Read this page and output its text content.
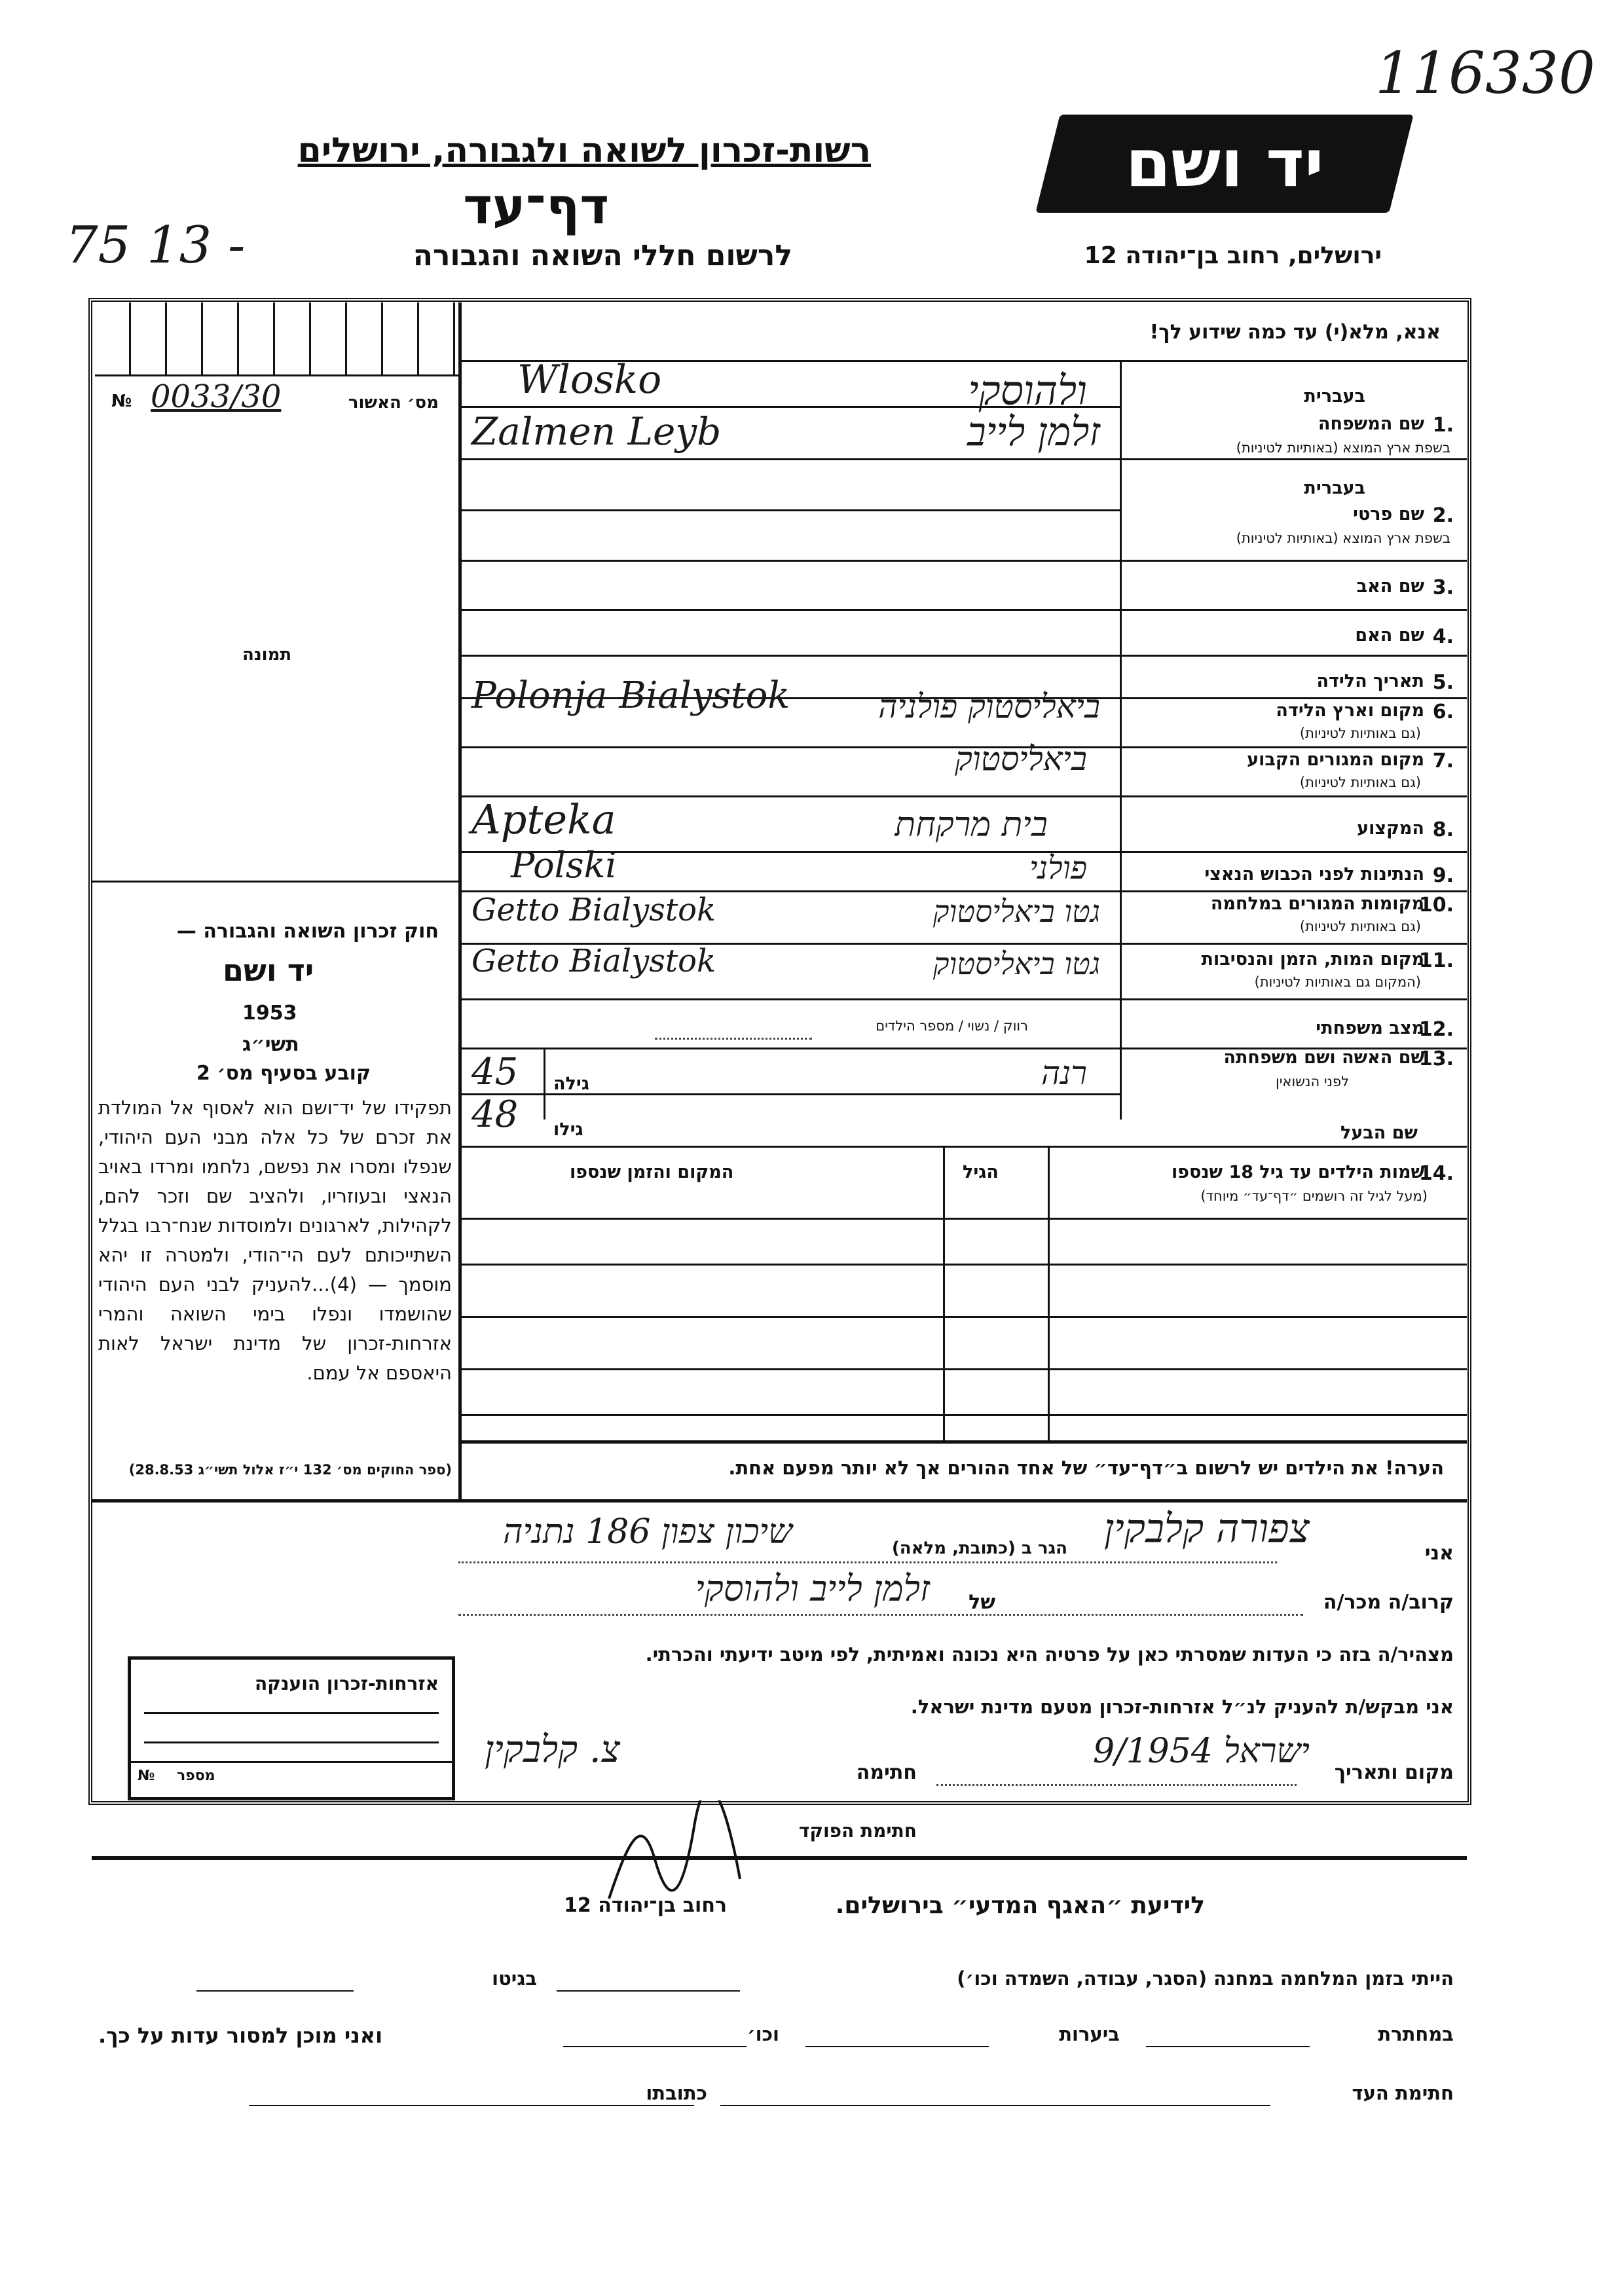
116330
75 13 -
יד ושם
רשות-זכרון לשואה ולגבורה, ירושלים
דף־עד
לרשום חללי השואה והגבורה	ירושלים, רחוב בן־יהודה 12
אנא, מלא(י) עד כמה שידוע לך!
מס׳ האשור
0033/30
№
תמונה
בעברית
1.
שם המשפחה
בשפת ארץ המוצא (באותיות לטיניות)
Wlosko	ולהוסקי
Zalmen Leyb	זלמן לייב
בעברית
2.
שם פרטי
בשפת ארץ המוצא (באותיות לטיניות)
3.
שם האב
4.
שם האם
5.
תאריך הלידה
6.
מקום וארץ הלידה
(גם באותיות לטיניות)
Polonja Bialystok	ביאליסטוק פולניה
7.
מקום המגורים הקבוע
(גם באותיות לטיניות)
ביאליסטוק
8.
המקצוע
Apteka	בית מרקחת
9.
הנתינות לפני הכבוש הנאצי
Polski	פולני
10.
מקומות המגורים במלחמה
(גם באותיות לטיניות)
Getto Bialystok	גטו ביאליסטוק
11.
מקום המות, הזמן והנסיבות
(המקום גם באותיות לטיניות)
Getto Bialystok	גטו ביאליסטוק
12.
מצב משפחתי
רווק / נשוי / מספר הילדים
13.
שם האשה ושם משפחתה
לפני הנשואין
גילה
45	רנה
שם הבעל
גילו
48
14.
שמות הילדים עד גיל 18 שנספו
(מעל לגיל זה רושמים ״דף־עד״ מיוחד)
הגיל
המקום והזמן שנספו
הערה! את הילדים יש לרשום ב״דף־עד״ של אחד ההורים אך לא יותר מפעם אחת.
חוק זכרון השואה והגבורה —
יד ושם
1953
תשי״ג
קובע בסעיף מס׳ 2
תפקידו של יד־ושם הוא לאסוף אל המולדת את זכרם של כל אלה מבני העם היהודי, שנפלו ומסרו את נפשם, נלחמו ומרדו באויב הנאצי ובעוזריו, ולהציב שם וזכר להם, לקהילות, לארגונים ולמוסדות שנח־רבו בגלל השתייכותם לעם הי־הודי, ולמטרה זו יהא מוסמך — (4)...להעניק לבני העם היהודי שהושמדו ונפלו בימי השואה והמרי אזרחות-זכרון של מדינת ישראל לאות היאספם אל עמם.
(ספר החוקים מס׳ 132 י״ז אלול תשי״ג 28.8.53)
אני
צפורה קלבקין
הגר ב (כתובת, מלאה)
שיכון צפון 186 נתניה
קרוב/ה מכר/ה
של
זלמן לייב ולהוסקי
מצהיר/ה בזה כי העדות שמסרתי כאן על פרטיה היא נכונה ואמיתית, לפי מיטב ידיעתי והכרתי.
אני מבקש/ת להעניק לנ״ל אזרחות-זכרון מטעם מדינת ישראל.
מקום ותאריך
ישראל 9/1954
חתימה
צ. קלבקין
חתימת הפוקד
אזרחות-זכרון הוענקה
מספר
№
לידיעת ״האגף המדעי״ בירושלים.
רחוב בן־יהודה 12
הייתי בזמן המלחמה במחנה (הסגר, עבודה, השמדה וכו׳)
בגיטו
במחתרת
ביערות
וכו׳
ואני מוכן למסור עדות על כך.
חתימת העד
כתובתו
